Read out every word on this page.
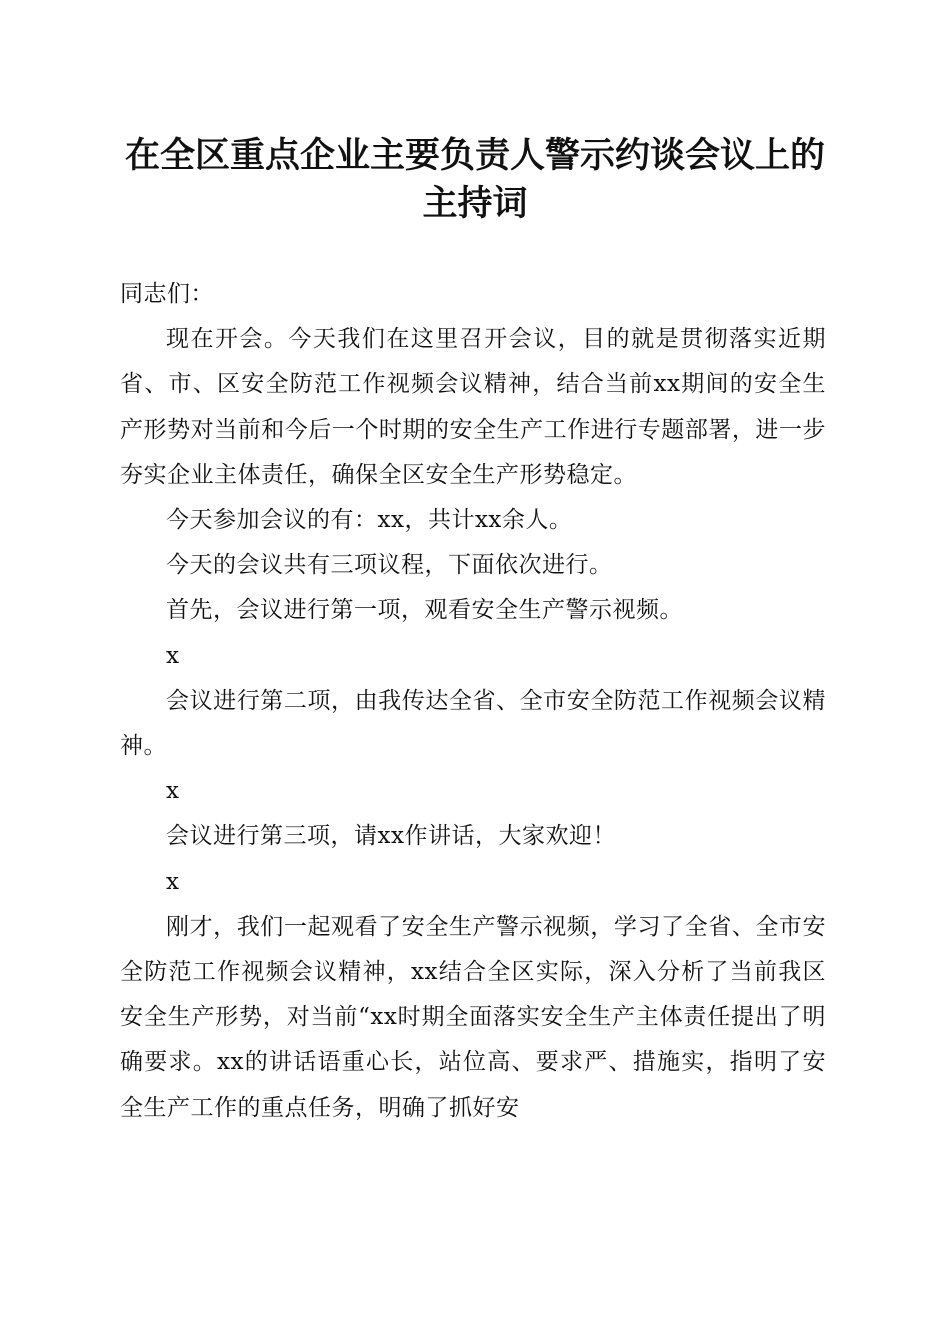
在全区重点企业主要负责人警示约谈会议上的
主持词

同志们：

现在开会。今天我们在这里召开会议，目的就是贯彻落实近期省、市、区安全防范工作视频会议精神，结合当前xx期间的安全生产形势对当前和今后一个时期的安全生产工作进行专题部署，进一步夯实企业主体责任，确保全区安全生产形势稳定。

今天参加会议的有：xx，共计xx余人。

今天的会议共有三项议程，下面依次进行。

首先，会议进行第一项，观看安全生产警示视频。

x

会议进行第二项，由我传达全省、全市安全防范工作视频会议精神。

x

会议进行第三项，请xx作讲话，大家欢迎！

x

刚才，我们一起观看了安全生产警示视频，学习了全省、全市安全防范工作视频会议精神，xx结合全区实际，深入分析了当前我区安全生产形势，对当前“xx时期全面落实安全生产主体责任提出了明确要求。xx的讲话语重心长，站位高、要求严、措施实，指明了安全生产工作的重点任务，明确了抓好安
